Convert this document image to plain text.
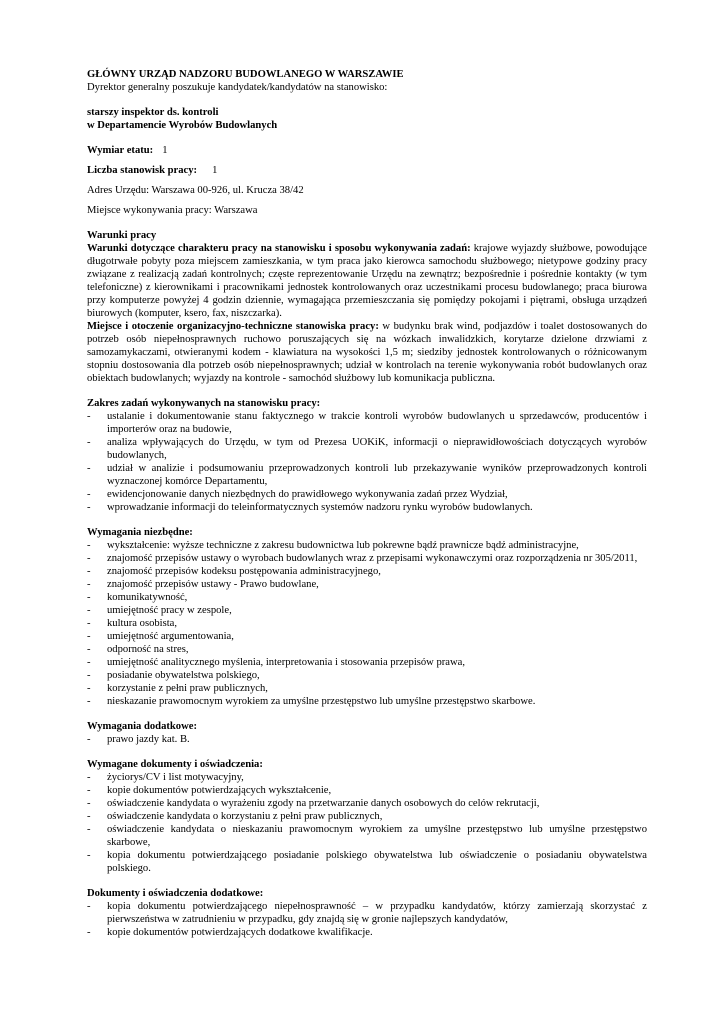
GŁÓWNY URZĄD NADZORU BUDOWLANEGO W WARSZAWIE

Dyrektor generalny poszukuje kandydatek/kandydatów na stanowisko:

starszy inspektor ds. kontroli

w Departamencie Wyrobów Budowlanych

Wymiar etatu: 1

Liczba stanowisk pracy: 1

Adres Urzędu: Warszawa 00-926, ul. Krucza 38/42

Miejsce wykonywania pracy: Warszawa

Warunki pracy

Warunki dotyczące charakteru pracy na stanowisku i sposobu wykonywania zadań: krajowe wyjazdy służbowe, powodujące długotrwałe pobyty poza miejscem zamieszkania, w tym praca jako kierowca samochodu służbowego; nietypowe godziny pracy związane z realizacją zadań kontrolnych; częste reprezentowanie Urzędu na zewnątrz; bezpośrednie i pośrednie kontakty (w tym telefoniczne) z kierownikami i pracownikami jednostek kontrolowanych oraz uczestnikami procesu budowlanego; praca biurowa przy komputerze powyżej 4 godzin dziennie, wymagająca przemieszczania się pomiędzy pokojami i piętrami, obsługa urządzeń biurowych (komputer, ksero, fax, niszczarka).

Miejsce i otoczenie organizacyjno-techniczne stanowiska pracy: w budynku brak wind, podjazdów i toalet dostosowanych do potrzeb osób niepełnosprawnych ruchowo poruszających się na wózkach inwalidzkich, korytarze dzielone drzwiami z samozamykaczami, otwieranymi kodem - klawiatura na wysokości 1,5 m; siedziby jednostek kontrolowanych o różnicowanym stopniu dostosowania dla potrzeb osób niepełnosprawnych; udział w kontrolach na terenie wykonywania robót budowlanych oraz obiektach budowlanych; wyjazdy na kontrole - samochód służbowy lub komunikacja publiczna.

Zakres zadań wykonywanych na stanowisku pracy:

- ustalanie i dokumentowanie stanu faktycznego w trakcie kontroli wyrobów budowlanych u sprzedawców, producentów i importerów oraz na budowie,
- analiza wpływających do Urzędu, w tym od Prezesa UOKiK, informacji o nieprawidłowościach dotyczących wyrobów budowlanych,
- udział w analizie i podsumowaniu przeprowadzonych kontroli lub przekazywanie wyników przeprowadzonych kontroli wyznaczonej komórce Departamentu,
- ewidencjonowanie danych niezbędnych do prawidłowego wykonywania zadań przez Wydział,
- wprowadzanie informacji do teleinformatycznych systemów nadzoru rynku wyrobów budowlanych.

Wymagania niezbędne:

- wykształcenie: wyższe techniczne z zakresu budownictwa lub pokrewne bądź prawnicze bądź administracyjne,
- znajomość przepisów ustawy o wyrobach budowlanych wraz z przepisami wykonawczymi oraz rozporządzenia nr 305/2011,
- znajomość przepisów kodeksu postępowania administracyjnego,
- znajomość przepisów ustawy - Prawo budowlane,
- komunikatywność,
- umiejętność pracy w zespole,
- kultura osobista,
- umiejętność argumentowania,
- odporność na stres,
- umiejętność analitycznego myślenia, interpretowania i stosowania przepisów prawa,
- posiadanie obywatelstwa polskiego,
- korzystanie z pełni praw publicznych,
- nieskazanie prawomocnym wyrokiem za umyślne przestępstwo lub umyślne przestępstwo skarbowe.

Wymagania dodatkowe:

- prawo jazdy kat. B.

Wymagane dokumenty i oświadczenia:

- życiorys/CV i list motywacyjny,
- kopie dokumentów potwierdzających wykształcenie,
- oświadczenie kandydata o wyrażeniu zgody na przetwarzanie danych osobowych do celów rekrutacji,
- oświadczenie kandydata o korzystaniu z pełni praw publicznych,
- oświadczenie kandydata o nieskazaniu prawomocnym wyrokiem za umyślne przestępstwo lub umyślne przestępstwo skarbowe,
- kopia dokumentu potwierdzającego posiadanie polskiego obywatelstwa lub oświadczenie o posiadaniu obywatelstwa polskiego.

Dokumenty i oświadczenia dodatkowe:

- kopia dokumentu potwierdzającego niepełnosprawność – w przypadku kandydatów, którzy zamierzają skorzystać z pierwszeństwa w zatrudnieniu w przypadku, gdy znajdą się w gronie najlepszych kandydatów,
- kopie dokumentów potwierdzających dodatkowe kwalifikacje.
